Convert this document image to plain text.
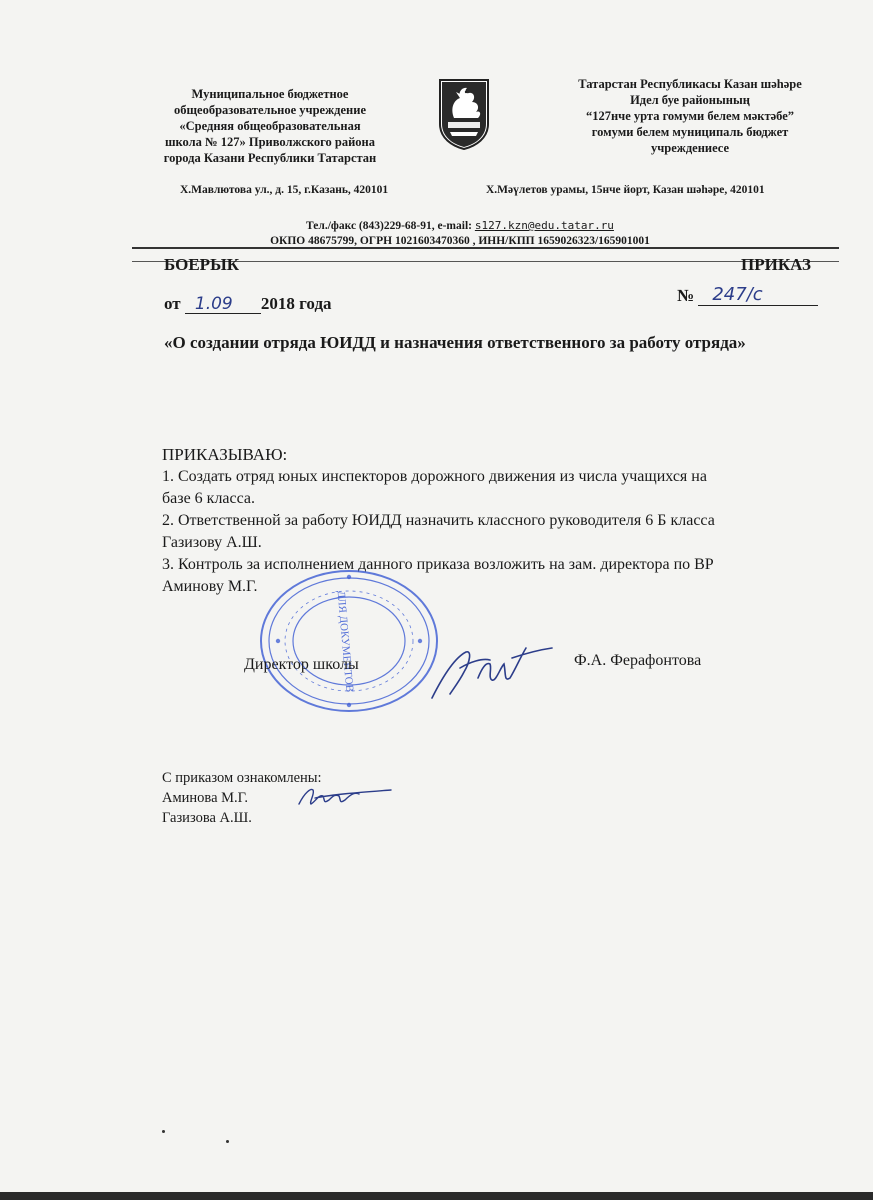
Муниципальное бюджетное
общеобразовательное учреждение
«Средняя общеобразовательная
школа № 127» Приволжского района
города Казани Республики Татарстан
Татарстан Республикасы Казан шәһәре
Идел буе районының
“127нче урта гомуми белем мәктәбе”
гомуми белем муниципаль бюджет
учреждениесе
Х.Мавлютова ул., д. 15, г.Казань, 420101	Х.Мәүлетов урамы, 15нче йорт, Казан шәһәре, 420101
Тел./факс (843)229-68-91, e-mail: s127.kzn@edu.tatar.ru
ОКПО 48675799, ОГРН 1021603470360 , ИНН/КПП 1659026323/165901001
БОЕРЫК	ПРИКАЗ
от 1.09 2018 года	№ 247/с
«О создании отряда ЮИДД и назначения ответственного за работу отряда»
ПРИКАЗЫВАЮ:
1. Создать отряд юных инспекторов дорожного движения из числа учащихся на
базе 6 класса.
2. Ответственной за работу ЮИДД назначить классного руководителя 6 Б класса
Газизову А.Ш.
3. Контроль за исполнением данного приказа возложить на зам. директора по ВР
Аминову М.Г.
ДЛЯ ДОКУМЕНТОВ
Директор школы	Ф.А. Ферафонтова
С приказом ознакомлены:
Аминова М.Г.
Газизова А.Ш.
